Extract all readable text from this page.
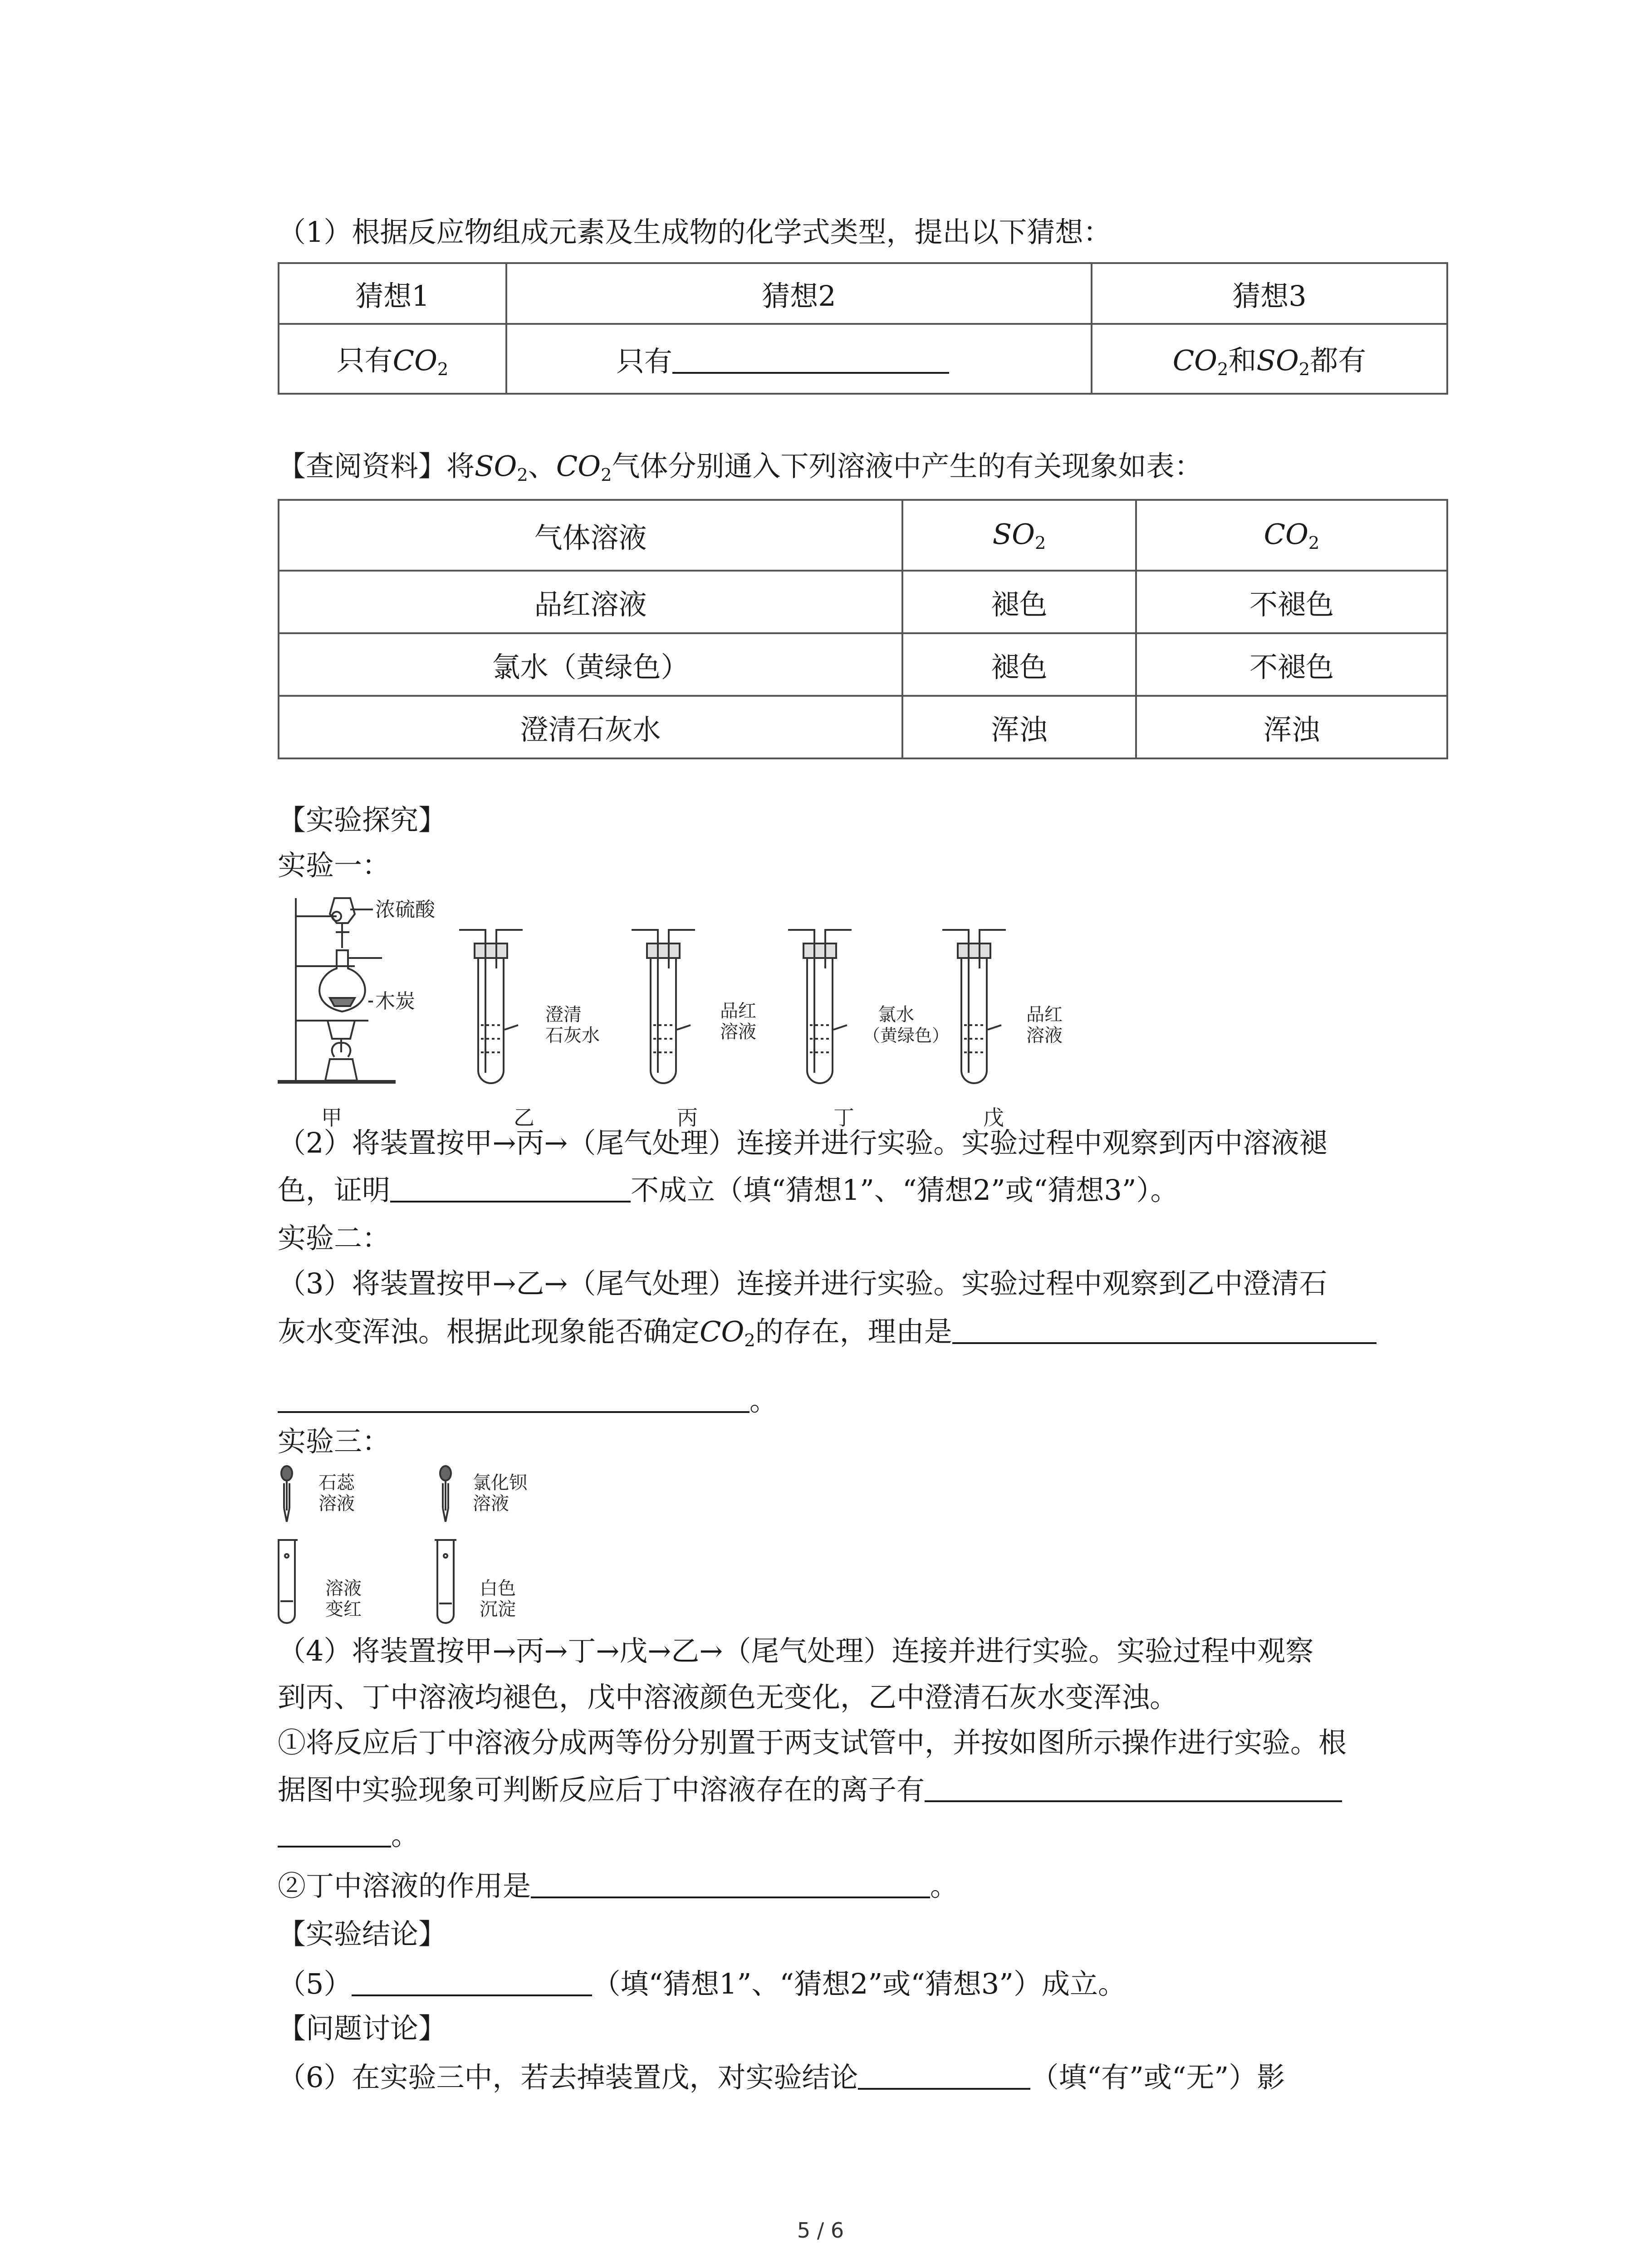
（1）根据反应物组成元素及生成物的化学式类型，提出以下猜想：
猜想1	猜想2	猜想3
只有$CO_2$	只有	$CO_2$和$SO_2$都有
【查阅资料】将$SO_2$、$CO_2$气体分别通入下列溶液中产生的有关现象如表：
气体溶液	$SO_2$	$CO_2$
品红溶液	褪色	不褪色
氯水（黄绿色）	褪色	不褪色
澄清石灰水	浑浊	浑浊
【实验探究】
实验一：
浓硫酸
木炭
甲	乙	丙	丁	戊
澄清
石灰水
品红
溶液
氯水
（黄绿色）
品红
溶液
（2）将装置按甲→丙→（尾气处理）连接并进行实验。实验过程中观察到丙中溶液褪
色，证明	不成立（填“猜想1”、“猜想2”或“猜想3”）。
实验二：
（3）将装置按甲→乙→（尾气处理）连接并进行实验。实验过程中观察到乙中澄清石
灰水变浑浊。根据此现象能否确定$CO_2$的存在，理由是
。
实验三：
石蕊
溶液
溶液
变红
氯化钡
溶液
白色
沉淀
（4）将装置按甲→丙→丁→戊→乙→（尾气处理）连接并进行实验。实验过程中观察
到丙、丁中溶液均褪色，戊中溶液颜色无变化，乙中澄清石灰水变浑浊。
①将反应后丁中溶液分成两等份分别置于两支试管中，并按如图所示操作进行实验。根
据图中实验现象可判断反应后丁中溶液存在的离子有
。
②丁中溶液的作用是	。
【实验结论】
（5）	（填“猜想1”、“猜想2”或“猜想3”）成立。
【问题讨论】
（6）在实验三中，若去掉装置戊，对实验结论	（填“有”或“无”）影
5 / 6
